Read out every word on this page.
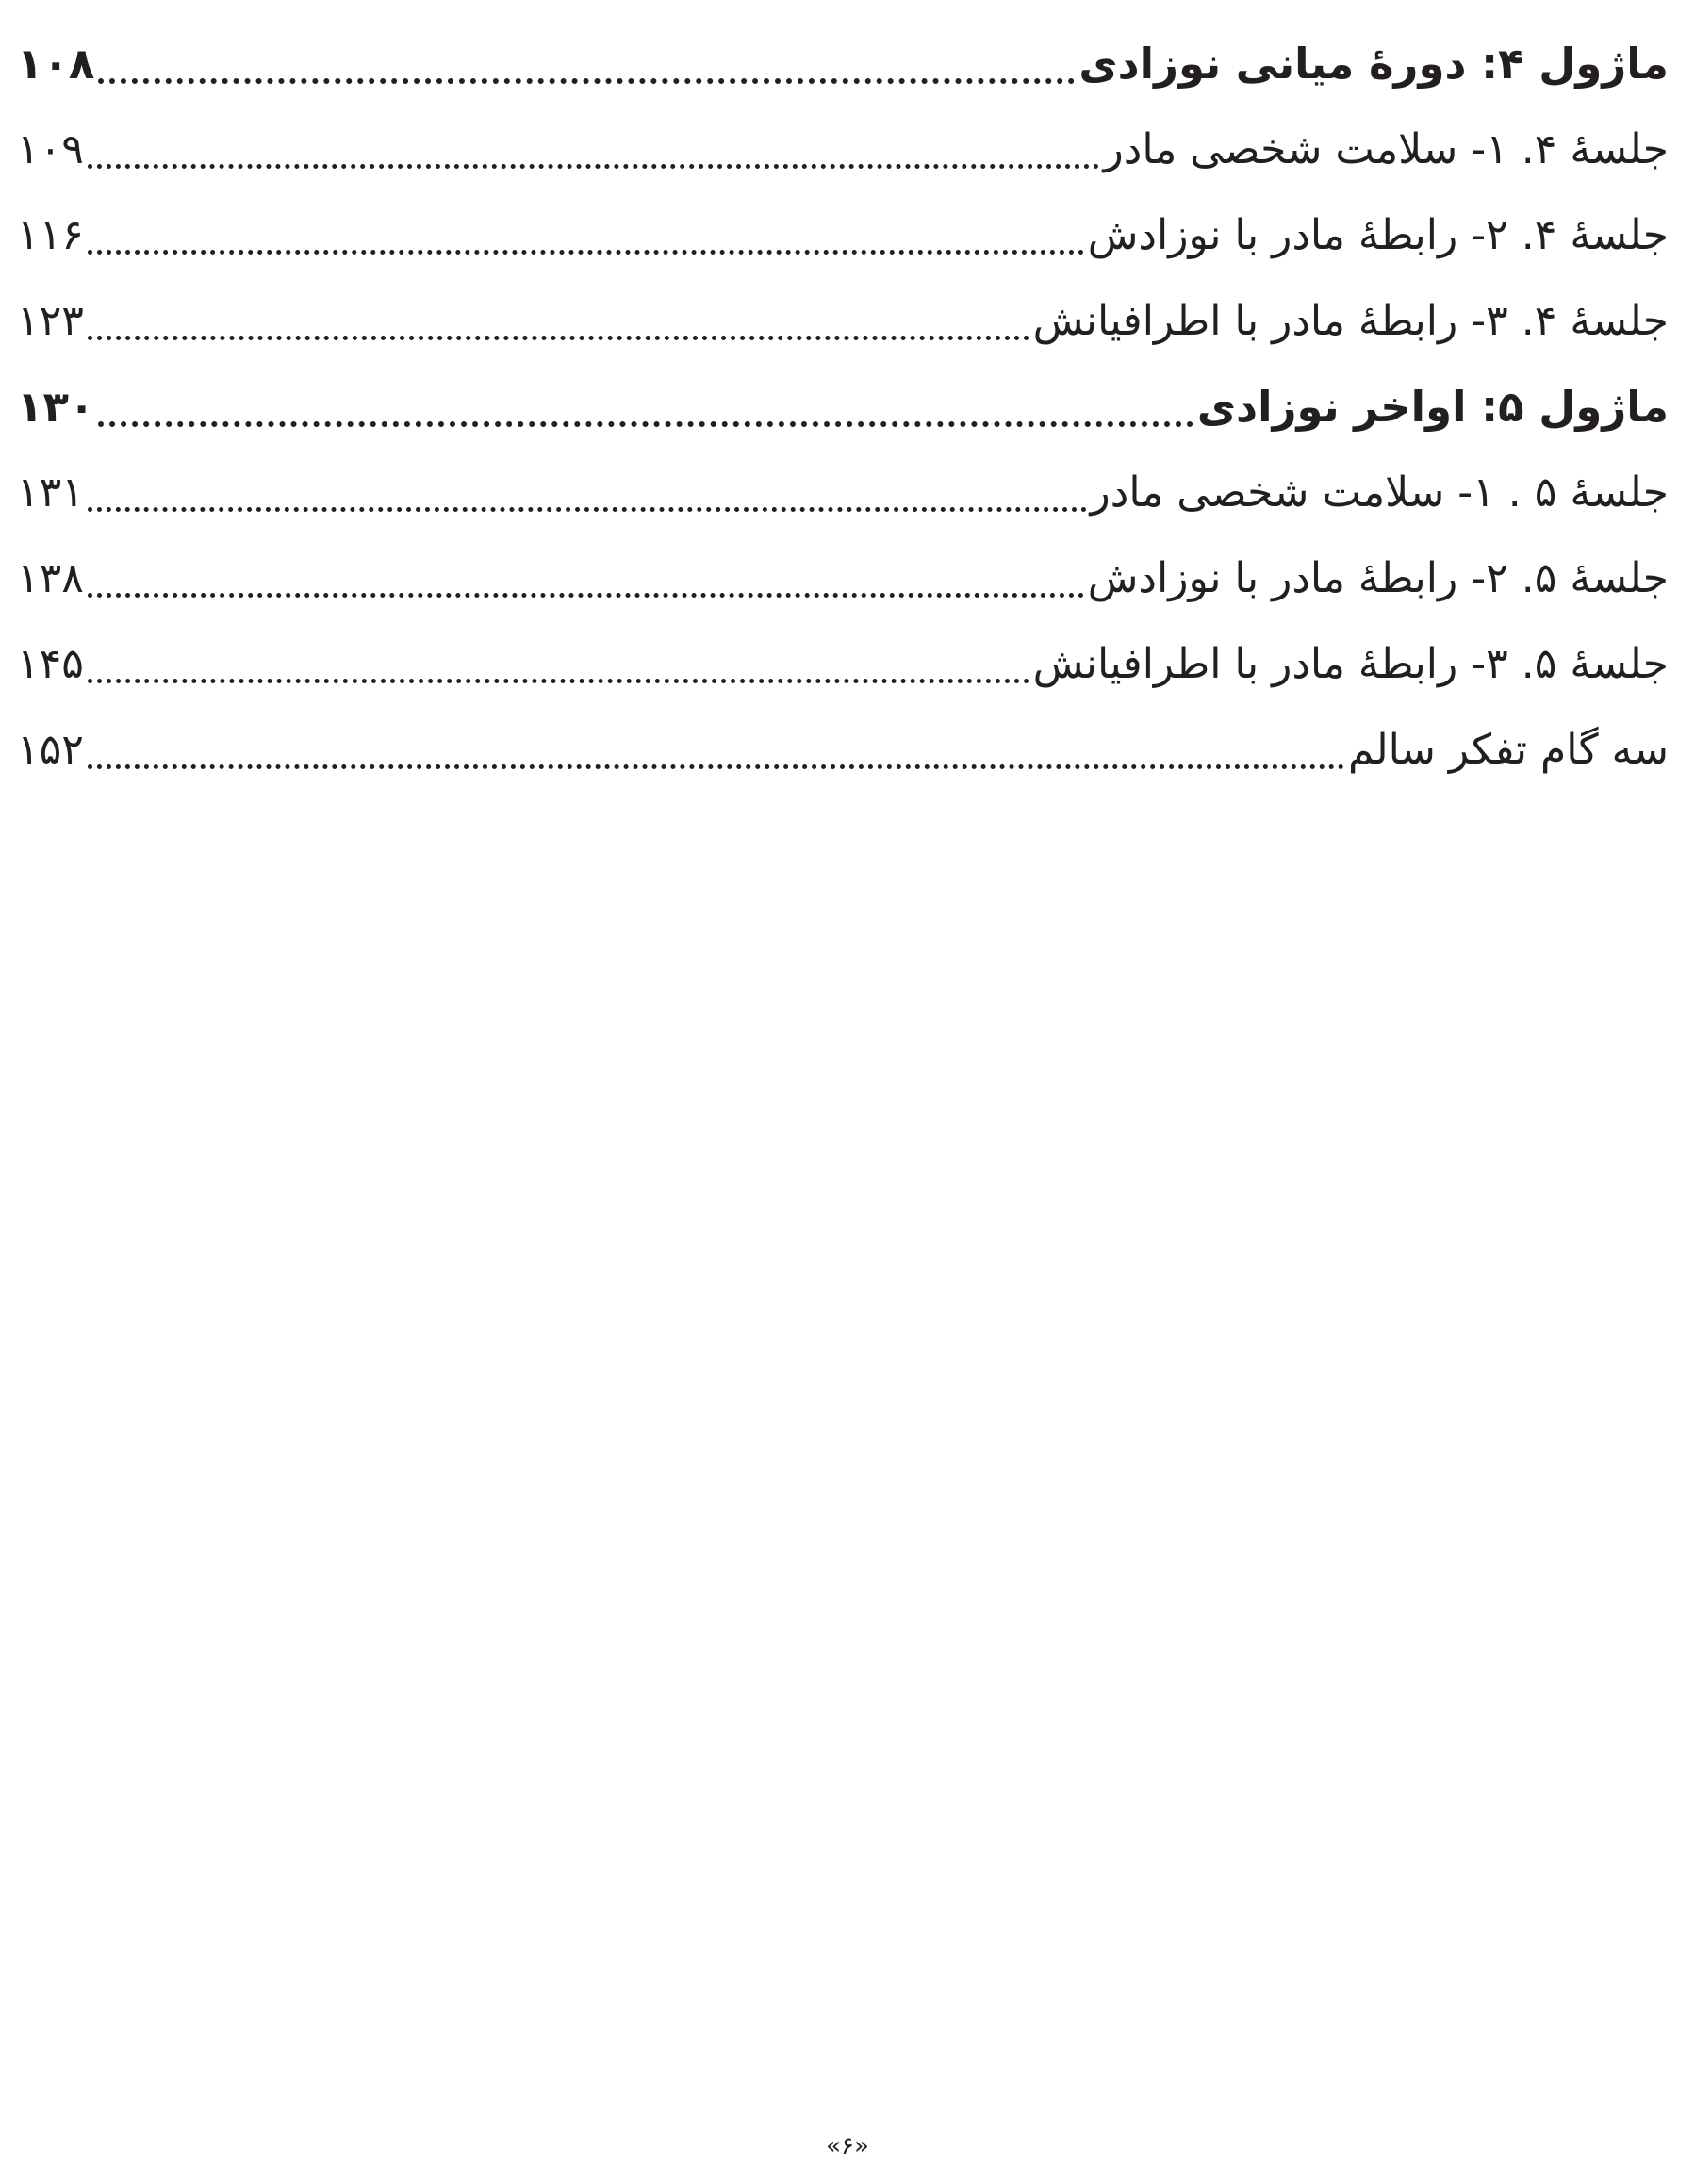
ماژول ۴: دورهٔ میانی نوزادی
۱۰۸
جلسهٔ ۴. ۱- سلامت شخصی مادر
۱۰۹
جلسهٔ ۴. ۲- رابطهٔ مادر با نوزادش
۱۱۶
جلسهٔ ۴. ۳- رابطهٔ مادر با اطرافیانش
۱۲۳
ماژول ۵: اواخر نوزادی
۱۳۰
جلسهٔ ۵ . ۱- سلامت شخصی مادر
۱۳۱
جلسهٔ ۵. ۲- رابطهٔ مادر با نوزادش
۱۳۸
جلسهٔ ۵. ۳- رابطهٔ مادر با اطرافیانش
۱۴۵
سه گام تفکر سالم
۱۵۲
«۶»
